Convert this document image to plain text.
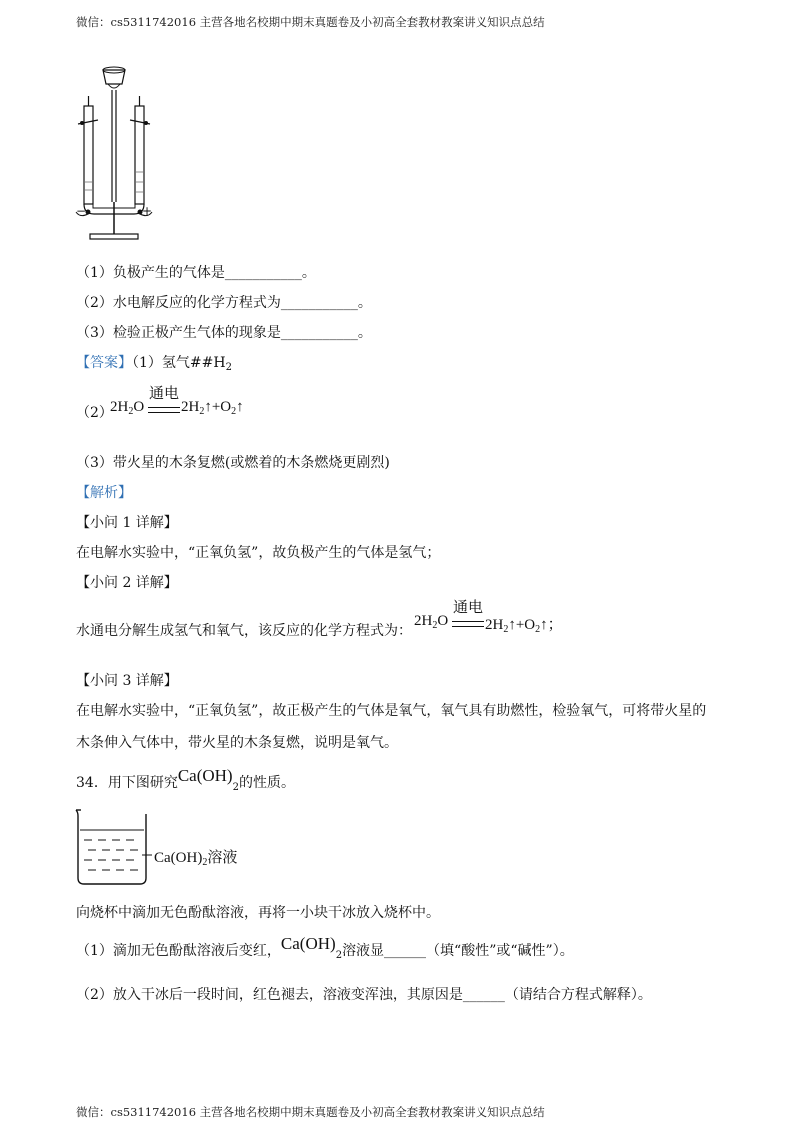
微信：cs5311742016 主营各地名校期中期末真题卷及小初高全套教材教案讲义知识点总结
−	+
（1）负极产生的气体是___________。
（2）水电解反应的化学方程式为___________。
（3）检验正极产生气体的现象是___________。
【答案】（1）氢气$\#\#H_2$
（2）
$2H_2O$
通电
$2H_2↑+O_2↑$
（3）带火星的木条复燃(或燃着的木条燃烧更剧烈)
【解析】
【小问 1 详解】
在电解水实验中，“正氧负氢”，故负极产生的气体是氢气；
【小问 2 详解】
水通电分解生成氢气和氧气，该反应的化学方程式为：
$2H_2O$
通电
$2H_2↑+O_2↑$；
【小问 3 详解】
在电解水实验中，“正氧负氢”，故正极产生的气体是氧气，氧气具有助燃性，检验氧气，可将带火星的
木条伸入气体中，带火星的木条复燃，说明是氧气。
34．用下图研究$Ca(OH)_2$的性质。
$Ca(OH)_2$溶液
向烧杯中滴加无色酚酞溶液，再将一小块干冰放入烧杯中。
（1）滴加无色酚酞溶液后变红，$Ca(OH)_2$溶液显______（填“酸性”或“碱性”）。
（2）放入干冰后一段时间，红色褪去，溶液变浑浊，其原因是______（请结合方程式解释）。
微信：cs5311742016 主营各地名校期中期末真题卷及小初高全套教材教案讲义知识点总结
